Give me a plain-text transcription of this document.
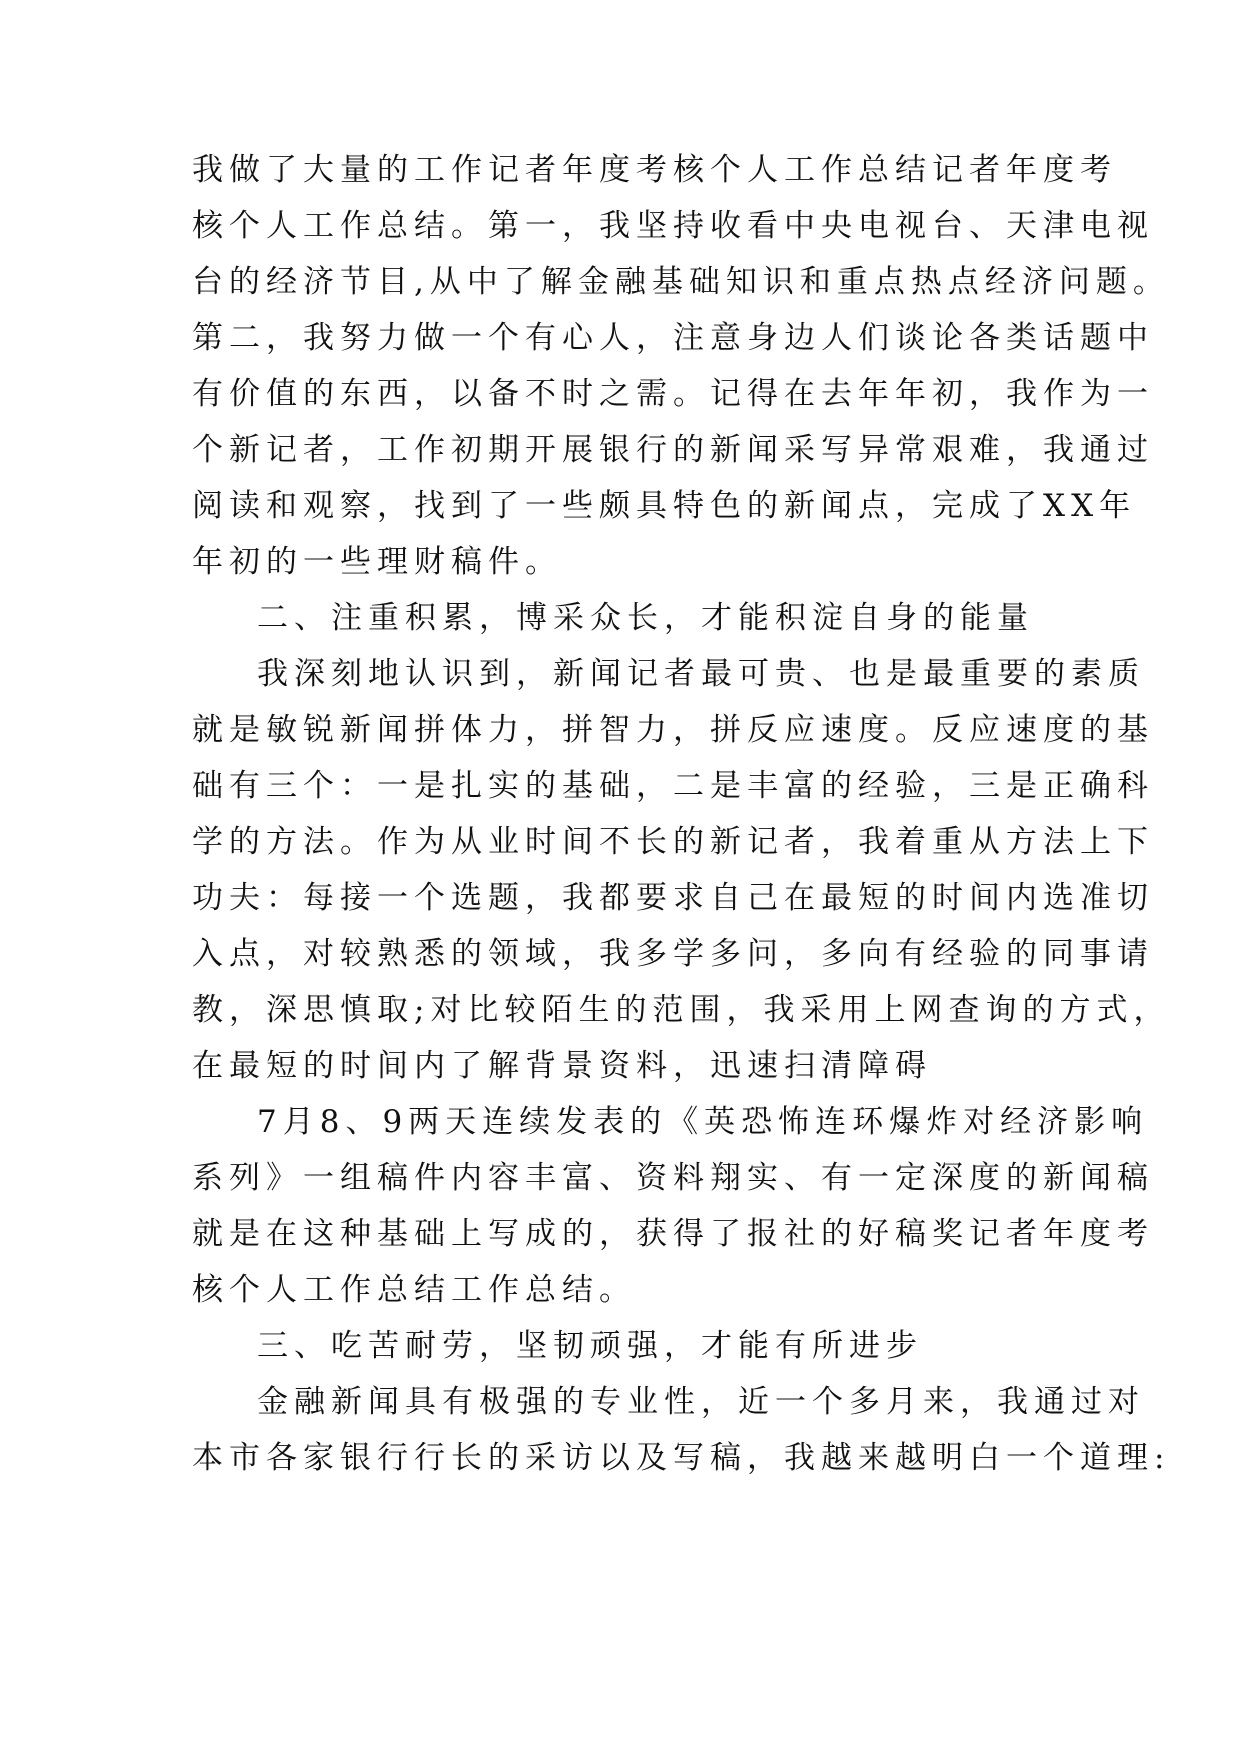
我做了大量的工作记者年度考核个人工作总结记者年度考
核个人工作总结。第一，我坚持收看中央电视台、天津电视
台的经济节目,从中了解金融基础知识和重点热点经济问题。
第二，我努力做一个有心人，注意身边人们谈论各类话题中
有价值的东西，以备不时之需。记得在去年年初，我作为一
个新记者，工作初期开展银行的新闻采写异常艰难，我通过
阅读和观察，找到了一些颇具特色的新闻点，完成了XX年
年初的一些理财稿件。
二、注重积累，博采众长，才能积淀自身的能量
我深刻地认识到，新闻记者最可贵、也是最重要的素质
就是敏锐新闻拼体力，拼智力，拼反应速度。反应速度的基
础有三个：一是扎实的基础，二是丰富的经验，三是正确科
学的方法。作为从业时间不长的新记者，我着重从方法上下
功夫：每接一个选题，我都要求自己在最短的时间内选准切
入点，对较熟悉的领域，我多学多问，多向有经验的同事请
教，深思慎取;对比较陌生的范围，我采用上网查询的方式，
在最短的时间内了解背景资料，迅速扫清障碍
7月8、9两天连续发表的《英恐怖连环爆炸对经济影响
系列》一组稿件内容丰富、资料翔实、有一定深度的新闻稿
就是在这种基础上写成的，获得了报社的好稿奖记者年度考
核个人工作总结工作总结。
三、吃苦耐劳，坚韧顽强，才能有所进步
金融新闻具有极强的专业性，近一个多月来，我通过对
本市各家银行行长的采访以及写稿，我越来越明白一个道理:
